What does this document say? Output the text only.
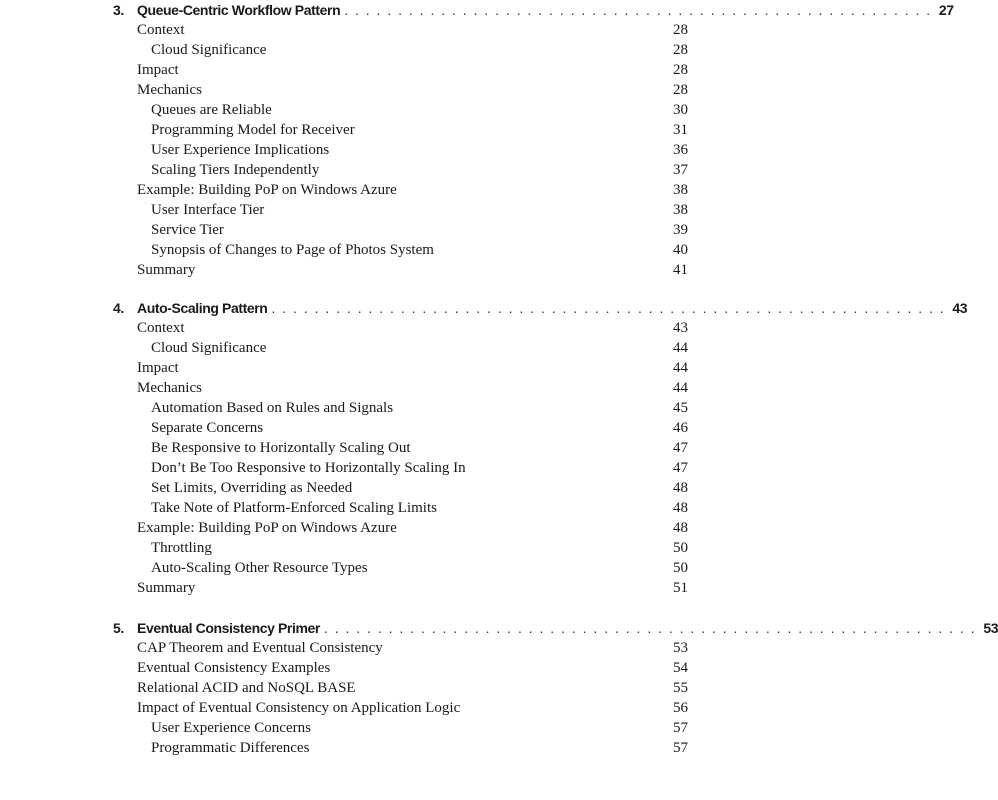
3. Queue-Centric Workflow Pattern . . . . . . . . . . . . . . . . . . . . . . . . . . . . . . . . . . . . . . . . . . . . . . . . . . . . . . . 27
Context	28
Cloud Significance	28
Impact	28
Mechanics	28
Queues are Reliable	30
Programming Model for Receiver	31
User Experience Implications	36
Scaling Tiers Independently	37
Example: Building PoP on Windows Azure	38
User Interface Tier	38
Service Tier	39
Synopsis of Changes to Page of Photos System	40
Summary	41
4. Auto-Scaling Pattern . . . . . . . . . . . . . . . . . . . . . . . . . . . . . . . . . . . . . . . . . . . . . . . . . . . . . . . . . . . . . . . 43
Context	43
Cloud Significance	44
Impact	44
Mechanics	44
Automation Based on Rules and Signals	45
Separate Concerns	46
Be Responsive to Horizontally Scaling Out	47
Don’t Be Too Responsive to Horizontally Scaling In	47
Set Limits, Overriding as Needed	48
Take Note of Platform-Enforced Scaling Limits	48
Example: Building PoP on Windows Azure	48
Throttling	50
Auto-Scaling Other Resource Types	50
Summary	51
5. Eventual Consistency Primer . . . . . . . . . . . . . . . . . . . . . . . . . . . . . . . . . . . . . . . . . . . . . . . . . . . . . . . . . . . . . 53
CAP Theorem and Eventual Consistency	53
Eventual Consistency Examples	54
Relational ACID and NoSQL BASE	55
Impact of Eventual Consistency on Application Logic	56
User Experience Concerns	57
Programmatic Differences	57
